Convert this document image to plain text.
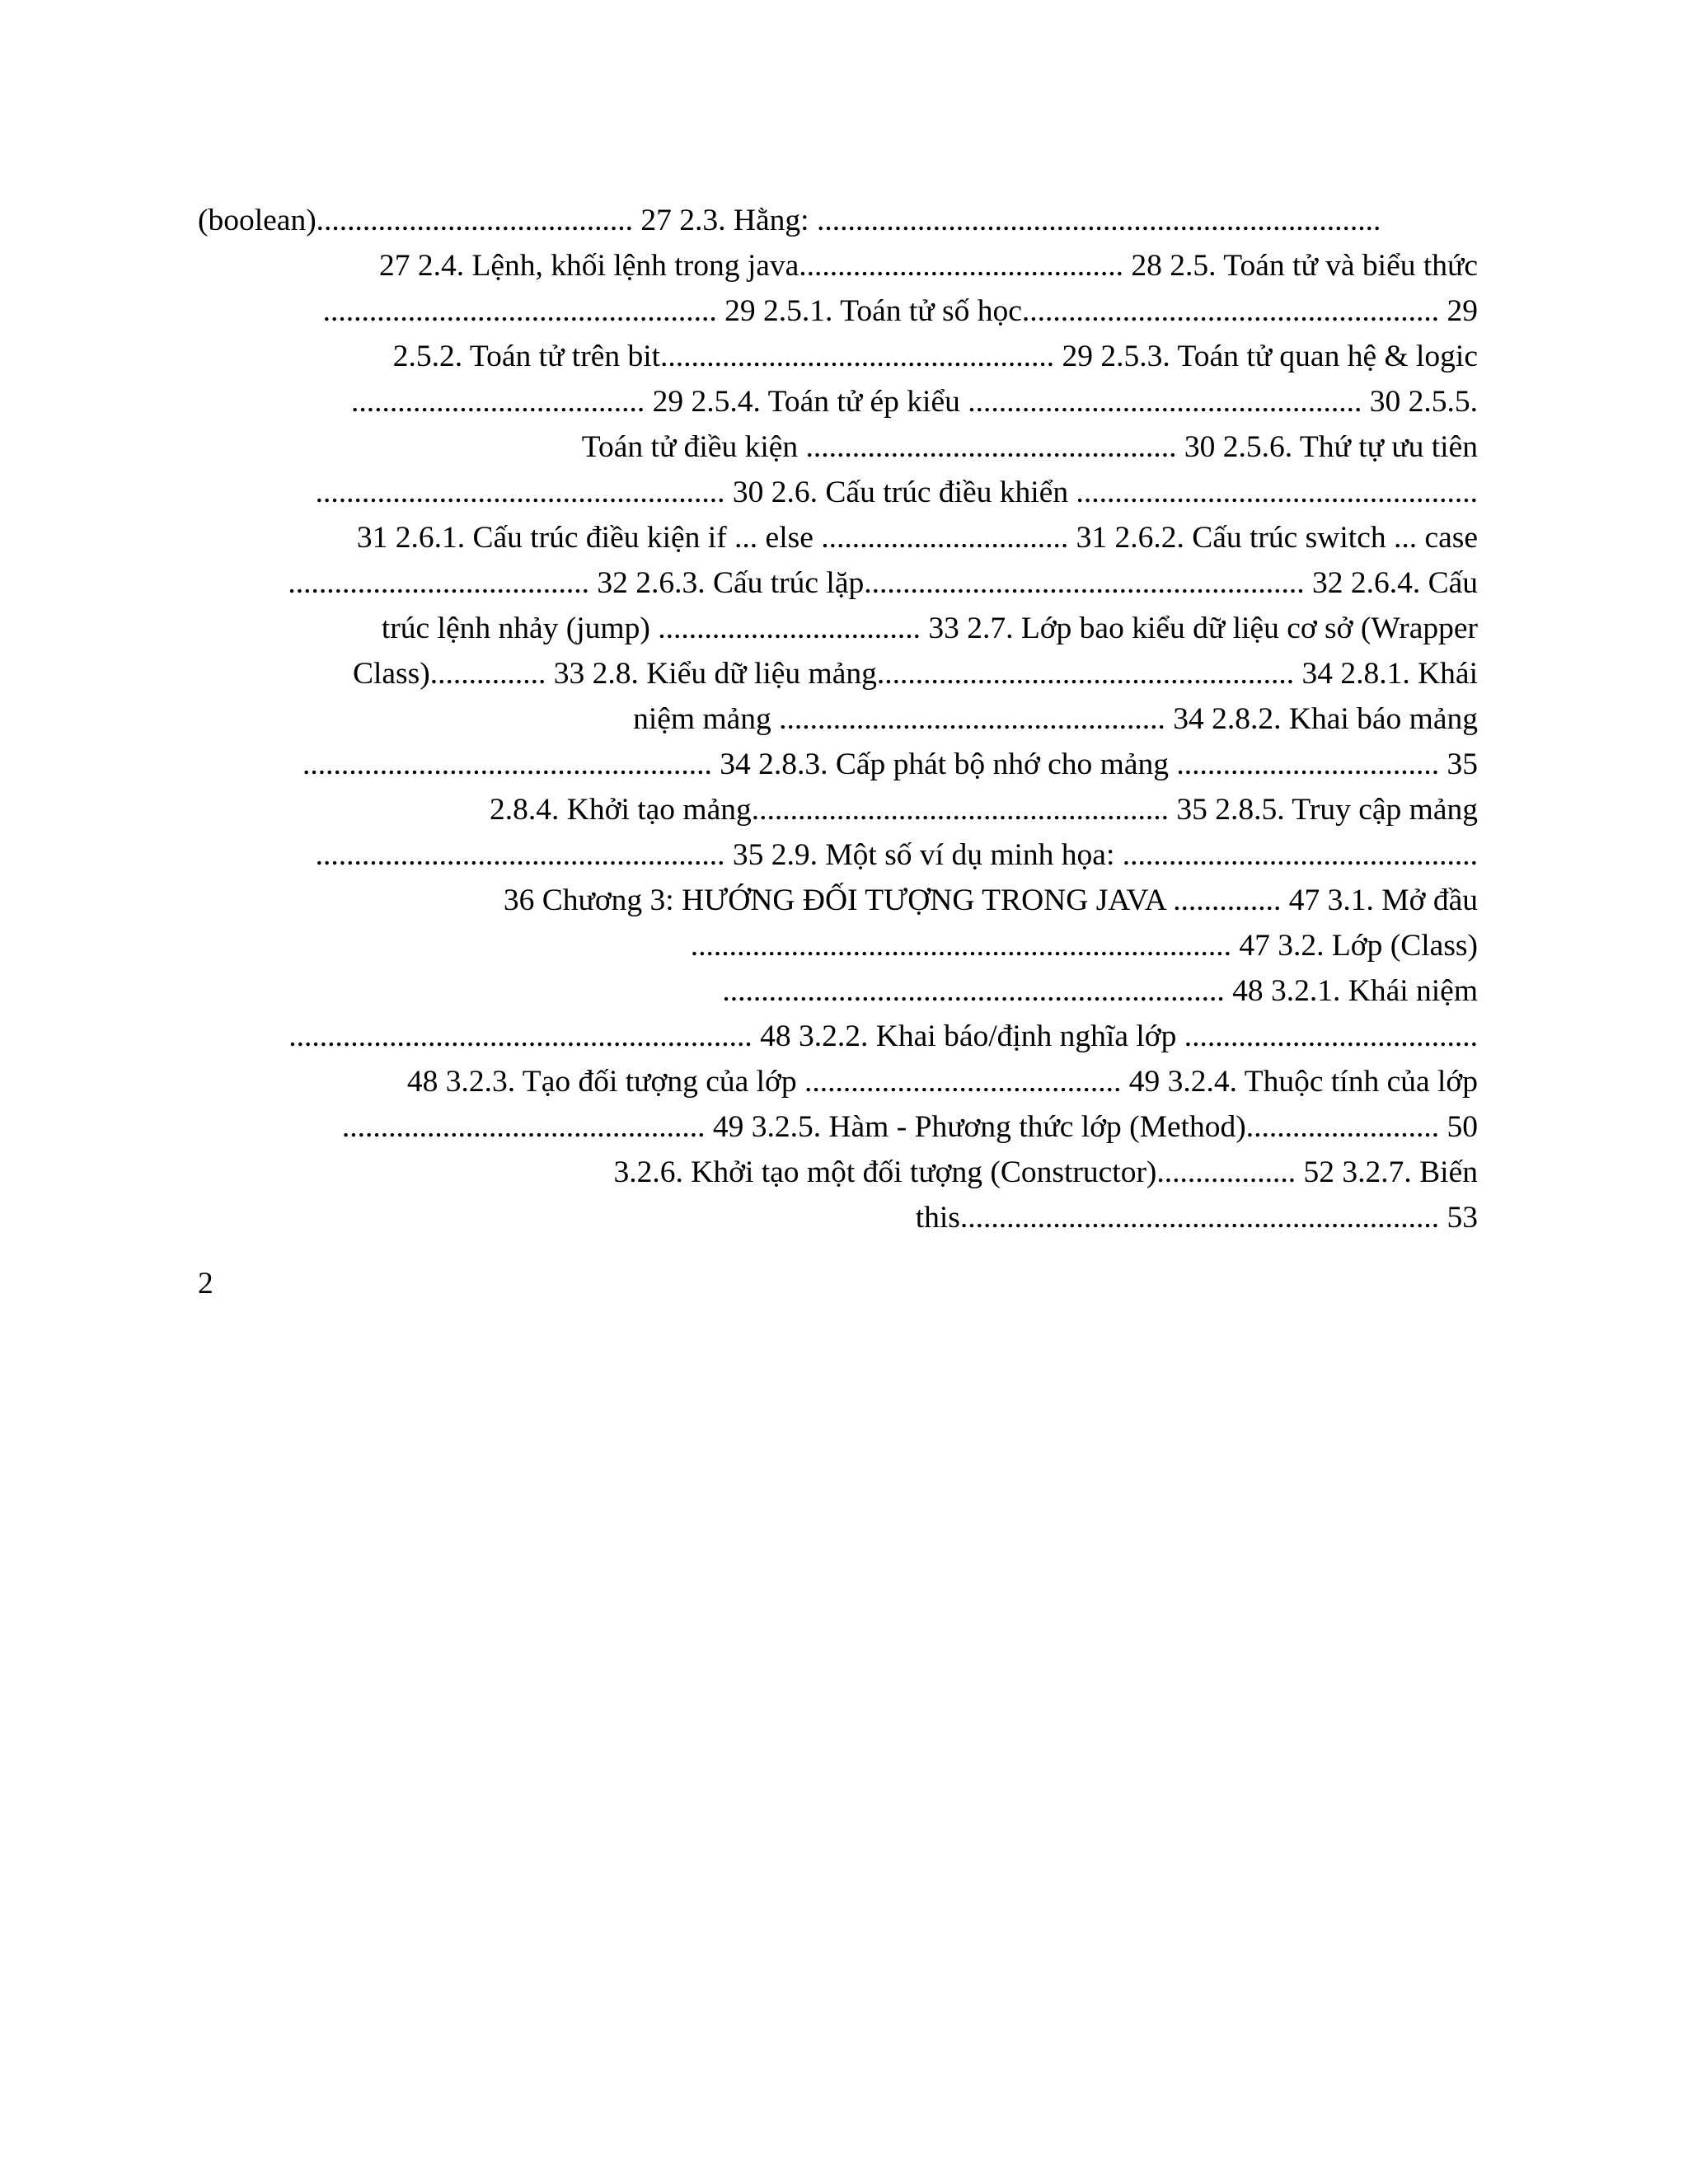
(boolean)......................................... 27 2.3. Hằng: .........................................................................
27 2.4. Lệnh, khối lệnh trong java.......................................... 28 2.5. Toán tử và biểu thức
................................................... 29 2.5.1. Toán tử số học...................................................... 29
2.5.2. Toán tử trên bit................................................... 29 2.5.3. Toán tử quan hệ & logic
...................................... 29 2.5.4. Toán tử ép kiểu ................................................... 30 2.5.5.
Toán tử điều kiện ................................................ 30 2.5.6. Thứ tự ưu tiên
..................................................... 30 2.6. Cấu trúc điều khiển ....................................................
31 2.6.1. Cấu trúc điều kiện if ... else ................................ 31 2.6.2. Cấu trúc switch ... case
....................................... 32 2.6.3. Cấu trúc lặp......................................................... 32 2.6.4. Cấu
trúc lệnh nhảy (jump) .................................. 33 2.7. Lớp bao kiểu dữ liệu cơ sở (Wrapper
Class)............... 33 2.8. Kiểu dữ liệu mảng...................................................... 34 2.8.1. Khái
niệm mảng .................................................. 34 2.8.2. Khai báo mảng
..................................................... 34 2.8.3. Cấp phát bộ nhớ cho mảng .................................. 35
2.8.4. Khởi tạo mảng...................................................... 35 2.8.5. Truy cập mảng
..................................................... 35 2.9. Một số ví dụ minh họa: ..............................................
36 Chương 3: HƯỚNG ĐỐI TƯỢNG TRONG JAVA .............. 47 3.1. Mở đầu
...................................................................... 47 3.2. Lớp (Class)
................................................................. 48 3.2.1. Khái niệm
............................................................ 48 3.2.2. Khai báo/định nghĩa lớp ......................................
48 3.2.3. Tạo đối tượng của lớp ......................................... 49 3.2.4. Thuộc tính của lớp
............................................... 49 3.2.5. Hàm - Phương thức lớp (Method)......................... 50
3.2.6. Khởi tạo một đối tượng (Constructor).................. 52 3.2.7. Biến
this.............................................................. 53
2
